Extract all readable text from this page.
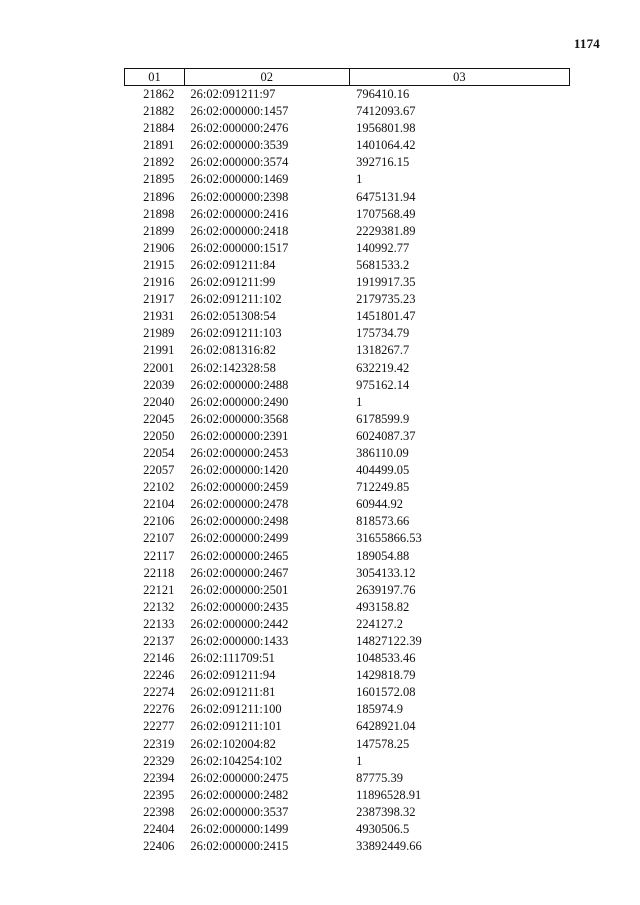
1174
01	02	03
21862	26:02:091211:97	796410.16
21882	26:02:000000:1457	7412093.67
21884	26:02:000000:2476	1956801.98
21891	26:02:000000:3539	1401064.42
21892	26:02:000000:3574	392716.15
21895	26:02:000000:1469	1
21896	26:02:000000:2398	6475131.94
21898	26:02:000000:2416	1707568.49
21899	26:02:000000:2418	2229381.89
21906	26:02:000000:1517	140992.77
21915	26:02:091211:84	5681533.2
21916	26:02:091211:99	1919917.35
21917	26:02:091211:102	2179735.23
21931	26:02:051308:54	1451801.47
21989	26:02:091211:103	175734.79
21991	26:02:081316:82	1318267.7
22001	26:02:142328:58	632219.42
22039	26:02:000000:2488	975162.14
22040	26:02:000000:2490	1
22045	26:02:000000:3568	6178599.9
22050	26:02:000000:2391	6024087.37
22054	26:02:000000:2453	386110.09
22057	26:02:000000:1420	404499.05
22102	26:02:000000:2459	712249.85
22104	26:02:000000:2478	60944.92
22106	26:02:000000:2498	818573.66
22107	26:02:000000:2499	31655866.53
22117	26:02:000000:2465	189054.88
22118	26:02:000000:2467	3054133.12
22121	26:02:000000:2501	2639197.76
22132	26:02:000000:2435	493158.82
22133	26:02:000000:2442	224127.2
22137	26:02:000000:1433	14827122.39
22146	26:02:111709:51	1048533.46
22246	26:02:091211:94	1429818.79
22274	26:02:091211:81	1601572.08
22276	26:02:091211:100	185974.9
22277	26:02:091211:101	6428921.04
22319	26:02:102004:82	147578.25
22329	26:02:104254:102	1
22394	26:02:000000:2475	87775.39
22395	26:02:000000:2482	11896528.91
22398	26:02:000000:3537	2387398.32
22404	26:02:000000:1499	4930506.5
22406	26:02:000000:2415	33892449.66
